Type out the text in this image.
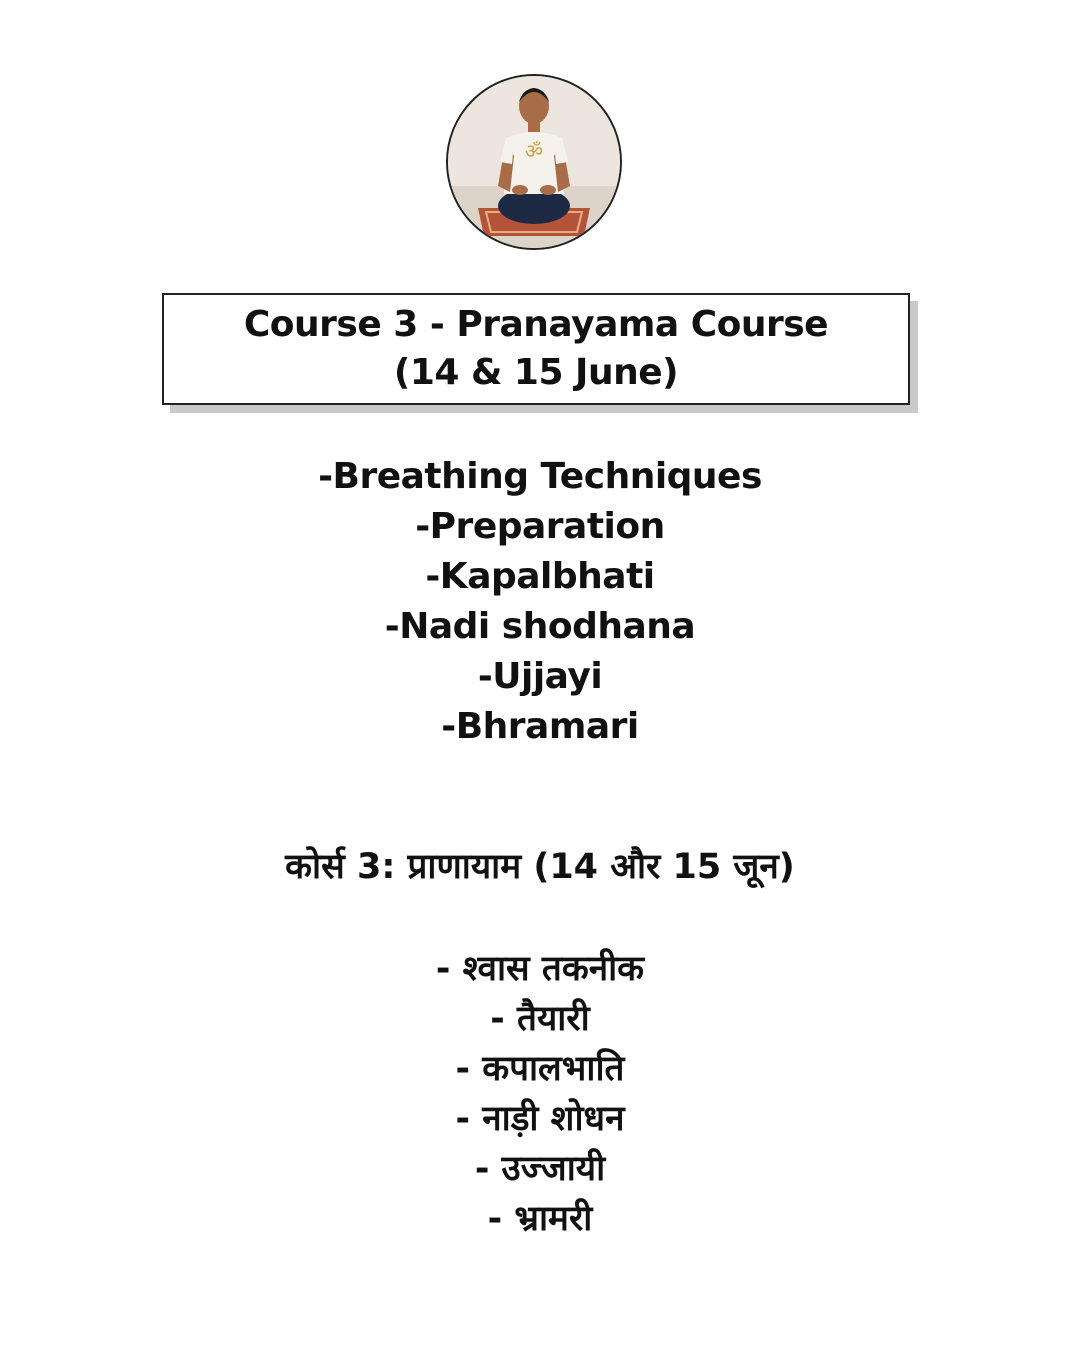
ॐ
Course 3 - Pranayama Course
(14 & 15 June)
-Breathing Techniques
-Preparation
-Kapalbhati
-Nadi shodhana
-Ujjayi
-Bhramari
कोर्स 3: प्राणायाम (14 और 15 जून)
- श्वास तकनीक
- तैयारी
- कपालभाति
- नाड़ी शोधन
- उज्जायी
- भ्रामरी
